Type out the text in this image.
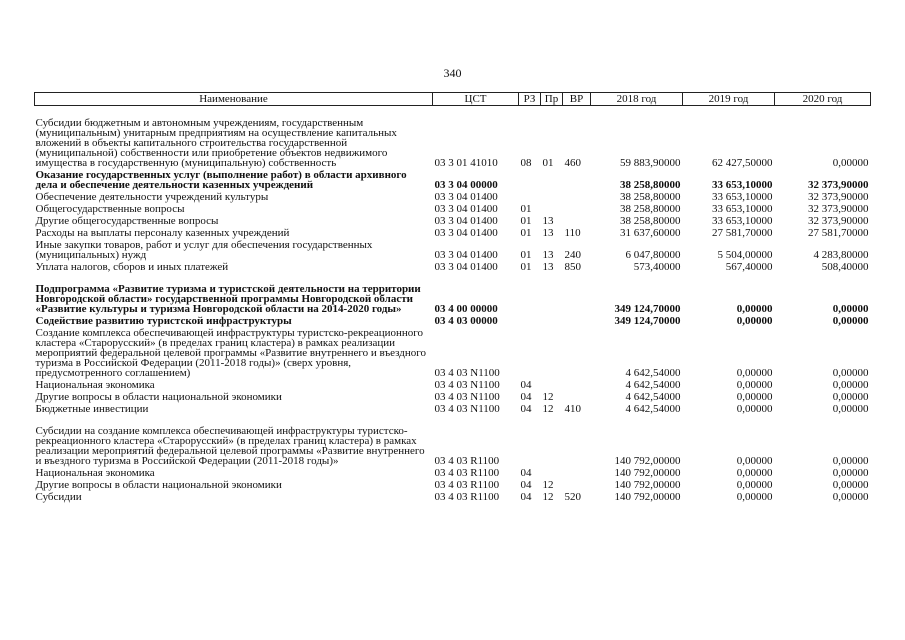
340
Наименование	ЦСТ	РЗ	Пр	ВР	2018 год	2019 год	2020 год
Субсидии бюджетным и автономным учреждениям, государственным (муниципальным) унитарным предприятиям на осуществление капитальных вложений в объекты капитального строительства государственной (муниципальной) собственности или приобретение объектов недвижимого имущества в государственную (муниципальную) собственность	03 3 01 41010	08	01	460	59 883,90000	62 427,50000	0,00000
Оказание государственных услуг (выполнение работ) в области архивного дела и обеспечение деятельности казенных учреждений	03 3 04 00000				38 258,80000	33 653,10000	32 373,90000
Обеспечение деятельности учреждений культуры	03 3 04 01400				38 258,80000	33 653,10000	32 373,90000
Общегосударственные вопросы	03 3 04 01400	01			38 258,80000	33 653,10000	32 373,90000
Другие общегосударственные вопросы	03 3 04 01400	01	13		38 258,80000	33 653,10000	32 373,90000
Расходы на выплаты персоналу казенных учреждений	03 3 04 01400	01	13	110	31 637,60000	27 581,70000	27 581,70000
Иные закупки товаров, работ и услуг для обеспечения государственных (муниципальных) нужд	03 3 04 01400	01	13	240	6 047,80000	5 504,00000	4 283,80000
Уплата налогов, сборов и иных платежей	03 3 04 01400	01	13	850	573,40000	567,40000	508,40000
Подпрограмма «Развитие туризма и туристской деятельности на территории Новгородской области» государственной программы Новгородской области «Развитие культуры и туризма Новгородской области на 2014-2020 годы»	03 4 00 00000				349 124,70000	0,00000	0,00000
Содействие развитию туристской инфраструктуры	03 4 03 00000				349 124,70000	0,00000	0,00000
Создание комплекса обеспечивающей инфраструктуры туристско-рекреационного кластера «Старорусский» (в пределах границ кластера) в рамках реализации мероприятий федеральной целевой программы «Развитие внутреннего и въездного туризма в Российской Федерации (2011-2018 годы)» (сверх уровня, предусмотренного соглашением)	03 4 03 N1100				4 642,54000	0,00000	0,00000
Национальная экономика	03 4 03 N1100	04			4 642,54000	0,00000	0,00000
Другие вопросы в области национальной экономики	03 4 03 N1100	04	12		4 642,54000	0,00000	0,00000
Бюджетные инвестиции	03 4 03 N1100	04	12	410	4 642,54000	0,00000	0,00000
Субсидии на создание комплекса обеспечивающей инфраструктуры туристско-рекреационного кластера «Старорусский» (в пределах границ кластера) в рамках реализации мероприятий федеральной целевой программы «Развитие внутреннего и въездного туризма в Российской Федерации (2011-2018 годы)»	03 4 03 R1100				140 792,00000	0,00000	0,00000
Национальная экономика	03 4 03 R1100	04			140 792,00000	0,00000	0,00000
Другие вопросы в области национальной экономики	03 4 03 R1100	04	12		140 792,00000	0,00000	0,00000
Субсидии	03 4 03 R1100	04	12	520	140 792,00000	0,00000	0,00000
